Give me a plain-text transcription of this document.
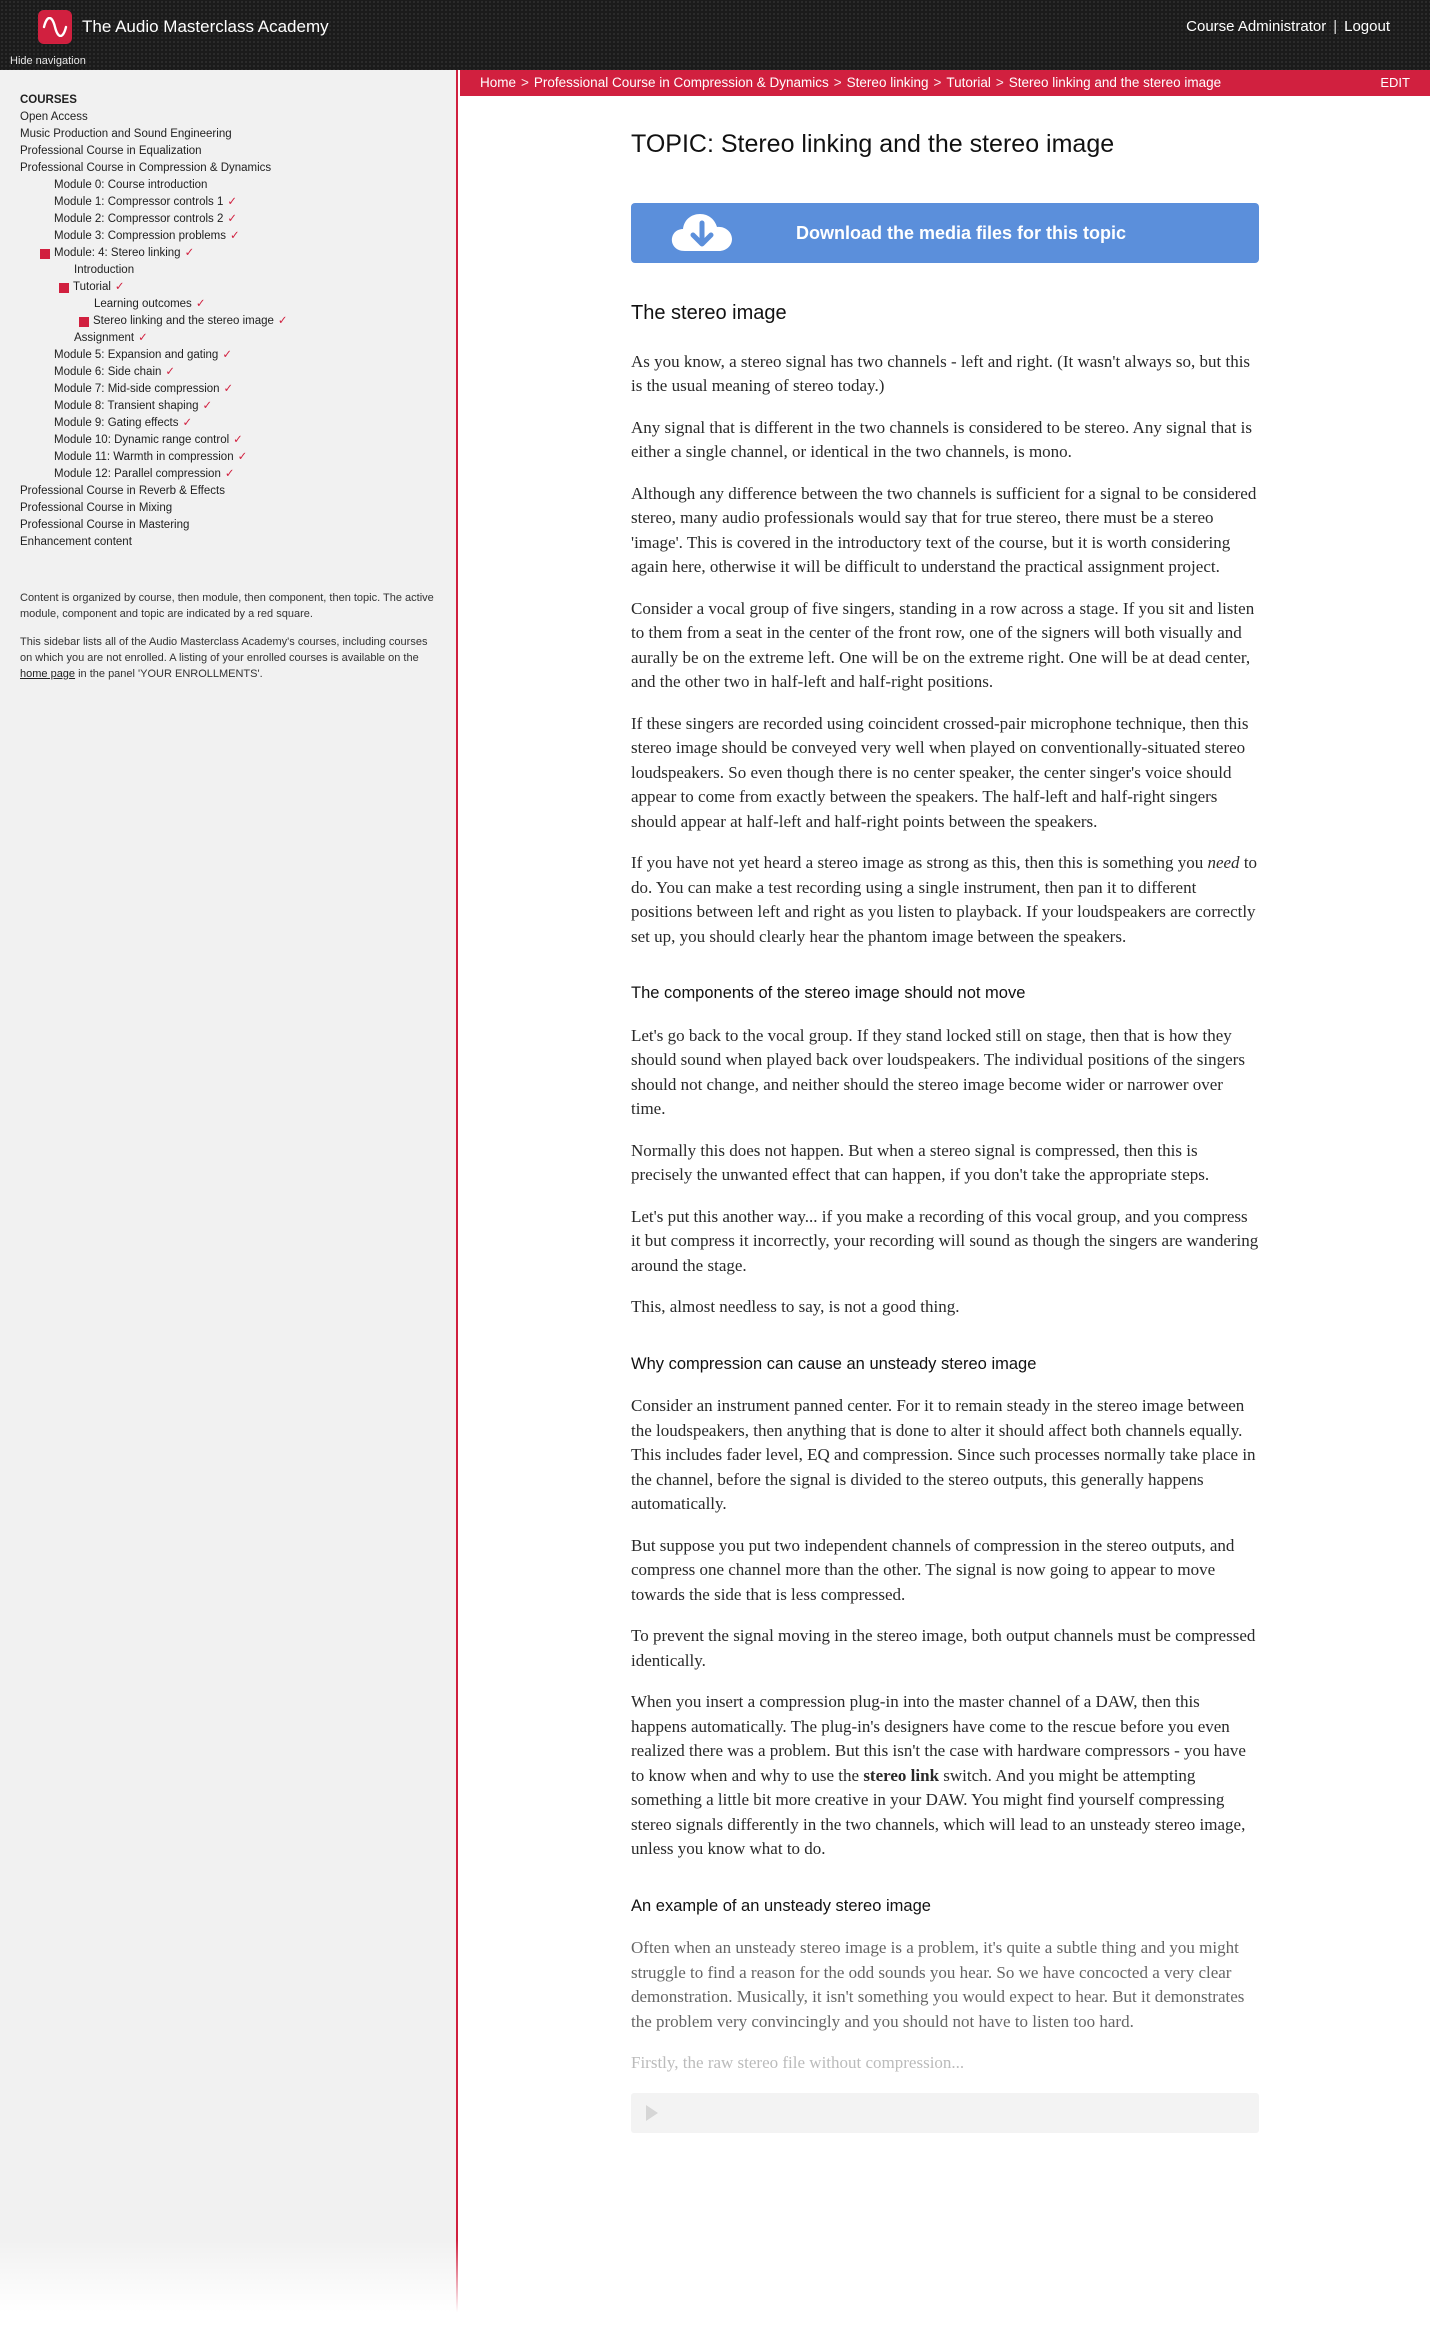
The Audio Masterclass Academy
Hide navigation
Course Administrator | Logout
COURSES
Open Access
Music Production and Sound Engineering
Professional Course in Equalization
Professional Course in Compression & Dynamics
Module 0: Course introduction
Module 1: Compressor controls 1 ✓
Module 2: Compressor controls 2 ✓
Module 3: Compression problems ✓
Module: 4: Stereo linking ✓
Introduction
Tutorial ✓
Learning outcomes ✓
Stereo linking and the stereo image ✓
Assignment ✓
Module 5: Expansion and gating ✓
Module 6: Side chain ✓
Module 7: Mid-side compression ✓
Module 8: Transient shaping ✓
Module 9: Gating effects ✓
Module 10: Dynamic range control ✓
Module 11: Warmth in compression ✓
Module 12: Parallel compression ✓
Professional Course in Reverb & Effects
Professional Course in Mixing
Professional Course in Mastering
Enhancement content

Content is organized by course, then module, then component, then topic. The active module, component and topic are indicated by a red square.

This sidebar lists all of the Audio Masterclass Academy's courses, including courses on which you are not enrolled. A listing of your enrolled courses is available on the home page in the panel 'YOUR ENROLLMENTS'.

Home > Professional Course in Compression & Dynamics > Stereo linking > Tutorial > Stereo linking and the stereo image	EDIT
TOPIC: Stereo linking and the stereo image
Download the media files for this topic
The stereo image

As you know, a stereo signal has two channels - left and right. (It wasn't always so, but this is the usual meaning of stereo today.)

Any signal that is different in the two channels is considered to be stereo. Any signal that is either a single channel, or identical in the two channels, is mono.

Although any difference between the two channels is sufficient for a signal to be considered stereo, many audio professionals would say that for true stereo, there must be a stereo 'image'. This is covered in the introductory text of the course, but it is worth considering again here, otherwise it will be difficult to understand the practical assignment project.

Consider a vocal group of five singers, standing in a row across a stage. If you sit and listen to them from a seat in the center of the front row, one of the signers will both visually and aurally be on the extreme left. One will be on the extreme right. One will be at dead center, and the other two in half-left and half-right positions.

If these singers are recorded using coincident crossed-pair microphone technique, then this stereo image should be conveyed very well when played on conventionally-situated stereo loudspeakers. So even though there is no center speaker, the center singer's voice should appear to come from exactly between the speakers. The half-left and half-right singers should appear at half-left and half-right points between the speakers.

If you have not yet heard a stereo image as strong as this, then this is something you need to do. You can make a test recording using a single instrument, then pan it to different positions between left and right as you listen to playback. If your loudspeakers are correctly set up, you should clearly hear the phantom image between the speakers.

The components of the stereo image should not move

Let's go back to the vocal group. If they stand locked still on stage, then that is how they should sound when played back over loudspeakers. The individual positions of the singers should not change, and neither should the stereo image become wider or narrower over time.

Normally this does not happen. But when a stereo signal is compressed, then this is precisely the unwanted effect that can happen, if you don't take the appropriate steps.

Let's put this another way... if you make a recording of this vocal group, and you compress it but compress it incorrectly, your recording will sound as though the singers are wandering around the stage.

This, almost needless to say, is not a good thing.

Why compression can cause an unsteady stereo image

Consider an instrument panned center. For it to remain steady in the stereo image between the loudspeakers, then anything that is done to alter it should affect both channels equally. This includes fader level, EQ and compression. Since such processes normally take place in the channel, before the signal is divided to the stereo outputs, this generally happens automatically.

But suppose you put two independent channels of compression in the stereo outputs, and compress one channel more than the other. The signal is now going to appear to move towards the side that is less compressed.

To prevent the signal moving in the stereo image, both output channels must be compressed identically.

When you insert a compression plug-in into the master channel of a DAW, then this happens automatically. The plug-in's designers have come to the rescue before you even realized there was a problem. But this isn't the case with hardware compressors - you have to know when and why to use the stereo link switch. And you might be attempting something a little bit more creative in your DAW. You might find yourself compressing stereo signals differently in the two channels, which will lead to an unsteady stereo image, unless you know what to do.

An example of an unsteady stereo image

Often when an unsteady stereo image is a problem, it's quite a subtle thing and you might struggle to find a reason for the odd sounds you hear. So we have concocted a very clear demonstration. Musically, it isn't something you would expect to hear. But it demonstrates the problem very convincingly and you should not have to listen too hard.

Firstly, the raw stereo file without compression...
